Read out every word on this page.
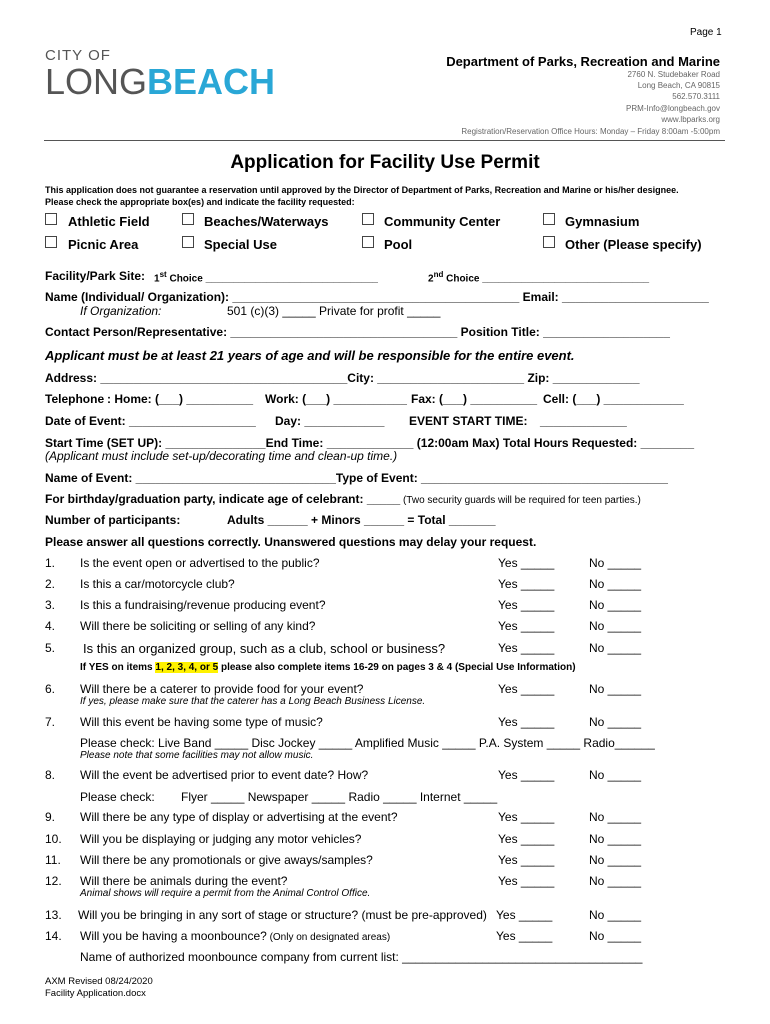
Page 1
CITY OF
LONGBEACH	Department of Parks, Recreation and Marine
2760 N. Studebaker Road
Long Beach, CA 90815
562.570.3111
PRM-Info@longbeach.gov
www.lbparks.org
Registration/Reservation Office Hours: Monday – Friday 8:00am -5:00pm
Application for Facility Use Permit
This application does not guarantee a reservation until approved by the Director of Department of Parks, Recreation and Marine or his/her designee.
Please check the appropriate box(es) and indicate the facility requested:
Athletic Field	Beaches/Waterways	Community Center	Gymnasium
Picnic Area	Special Use	Pool	Other (Please specify)
Facility/Park Site: 1st Choice _______________________________	2nd Choice ______________________________
Name (Individual/ Organization): ___________________________________________ Email: ______________________
If Organization:	501 (c)(3) _____ Private for profit _____
Contact Person/Representative: __________________________________ Position Title: ___________________
Applicant must be at least 21 years of age and will be responsible for the entire event.
Address: _____________________________________City: ______________________ Zip: _____________
Telephone : Home: (___) __________ Work: (___) ___________ Fax: (___) __________ Cell: (___) ____________
Date of Event: ___________________ Day: ____________ EVENT START TIME: _____________
Start Time (SET UP): _______________End Time: _____________ (12:00am Max) Total Hours Requested: ________
(Applicant must include set-up/decorating time and clean-up time.)
Name of Event: ______________________________Type of Event: _____________________________________
For birthday/graduation party, indicate age of celebrant: _____ (Two security guards will be required for teen parties.)
Number of participants:	Adults ______ + Minors ______ = Total _______
Please answer all questions correctly. Unanswered questions may delay your request.
1. Is the event open or advertised to the public?	Yes _____	No _____
2. Is this a car/motorcycle club?	Yes _____	No _____
3. Is this a fundraising/revenue producing event?	Yes _____	No _____
4. Will there be soliciting or selling of any kind?	Yes _____	No _____
5. Is this an organized group, such as a club, school or business?	Yes _____	No _____
6. Will there be a caterer to provide food for your event?	Yes _____	No _____
7. Will this event be having some type of music?	Yes _____	No _____
8. Will the event be advertised prior to event date? How?	Yes _____	No _____
9. Will there be any type of display or advertising at the event?	Yes _____	No _____
10. Will you be displaying or judging any motor vehicles?	Yes _____	No _____
11. Will there be any promotionals or give aways/samples?	Yes _____	No _____
12. Will there be animals during the event?	Yes _____	No _____
13. Will you be bringing in any sort of stage or structure? (must be pre-approved) Yes _____	No _____
14. Will you be having a moonbounce? (Only on designated areas)	Yes _____	No _____
If YES on items 1, 2, 3, 4, or 5 please also complete items 16-29 on pages 3 & 4 (Special Use Information)
If yes, please make sure that the caterer has a Long Beach Business License.
Please check: Live Band _____ Disc Jockey _____ Amplified Music _____ P.A. System _____ Radio______
Please note that some facilities may not allow music.
Please check: Flyer _____ Newspaper _____ Radio _____ Internet _____
Animal shows will require a permit from the Animal Control Office.
Name of authorized moonbounce company from current list: ____________________________________
AXM Revised 08/24/2020
Facility Application.docx
